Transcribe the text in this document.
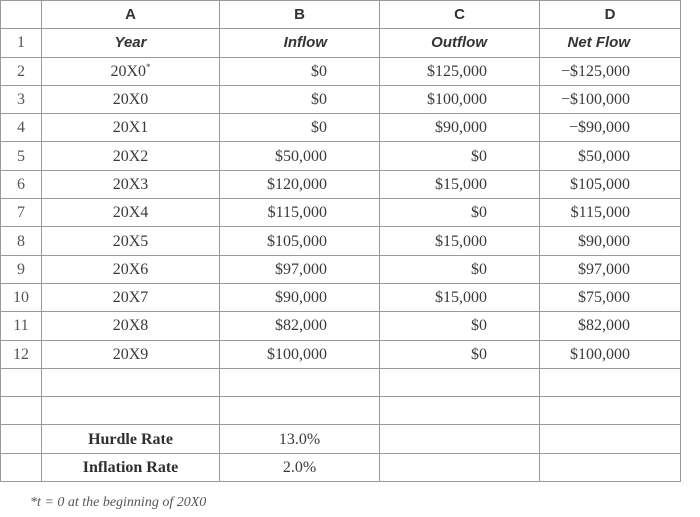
	A	B	C	D
1	Year	Inflow	Outflow	Net Flow
2	20X0*	$0	$125,000	−$125,000
3	20X0	$0	$100,000	−$100,000
4	20X1	$0	$90,000	−$90,000
5	20X2	$50,000	$0	$50,000
6	20X3	$120,000	$15,000	$105,000
7	20X4	$115,000	$0	$115,000
8	20X5	$105,000	$15,000	$90,000
9	20X6	$97,000	$0	$97,000
10	20X7	$90,000	$15,000	$75,000
11	20X8	$82,000	$0	$82,000
12	20X9	$100,000	$0	$100,000

	Hurdle Rate	13.0%		
	Inflation Rate	2.0%		
*t = 0 at the beginning of 20X0
